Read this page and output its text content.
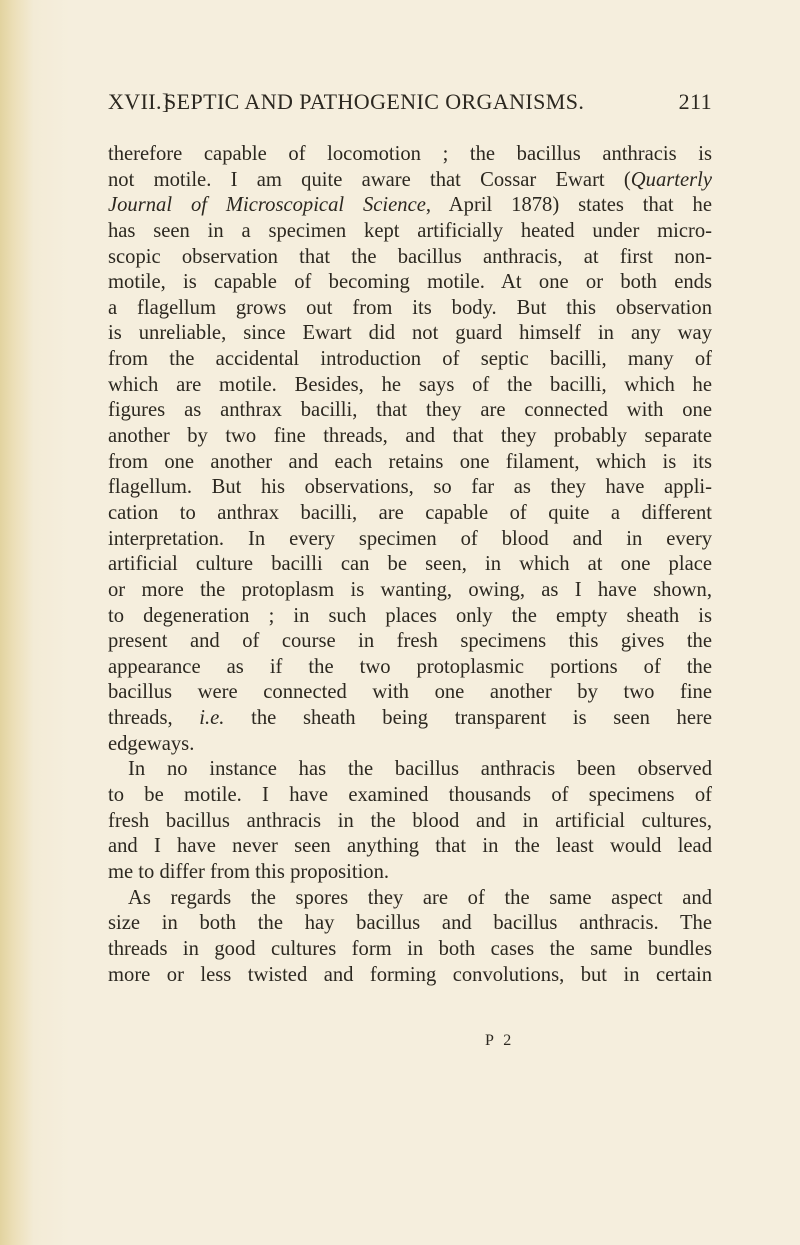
XVII.]
SEPTIC AND PATHOGENIC ORGANISMS.	211
therefore capable of locomotion ; the bacillus anthracis is
not motile. I am quite aware that Cossar Ewart (Quarterly
Journal of Microscopical Science, April 1878) states that he
has seen in a specimen kept artificially heated under micro-
scopic observation that the bacillus anthracis, at first non-
motile, is capable of becoming motile. At one or both ends
a flagellum grows out from its body. But this observation
is unreliable, since Ewart did not guard himself in any way
from the accidental introduction of septic bacilli, many of
which are motile. Besides, he says of the bacilli, which he
figures as anthrax bacilli, that they are connected with one
another by two fine threads, and that they probably separate
from one another and each retains one filament, which is its
flagellum. But his observations, so far as they have appli-
cation to anthrax bacilli, are capable of quite a different
interpretation. In every specimen of blood and in every
artificial culture bacilli can be seen, in which at one place
or more the protoplasm is wanting, owing, as I have shown,
to degeneration ; in such places only the empty sheath is
present and of course in fresh specimens this gives the
appearance as if the two protoplasmic portions of the
bacillus were connected with one another by two fine
threads, i.e. the sheath being transparent is seen here
edgeways.
In no instance has the bacillus anthracis been observed
to be motile. I have examined thousands of specimens of
fresh bacillus anthracis in the blood and in artificial cultures,
and I have never seen anything that in the least would lead
me to differ from this proposition.
As regards the spores they are of the same aspect and
size in both the hay bacillus and bacillus anthracis. The
threads in good cultures form in both cases the same bundles
more or less twisted and forming convolutions, but in certain
P 2
